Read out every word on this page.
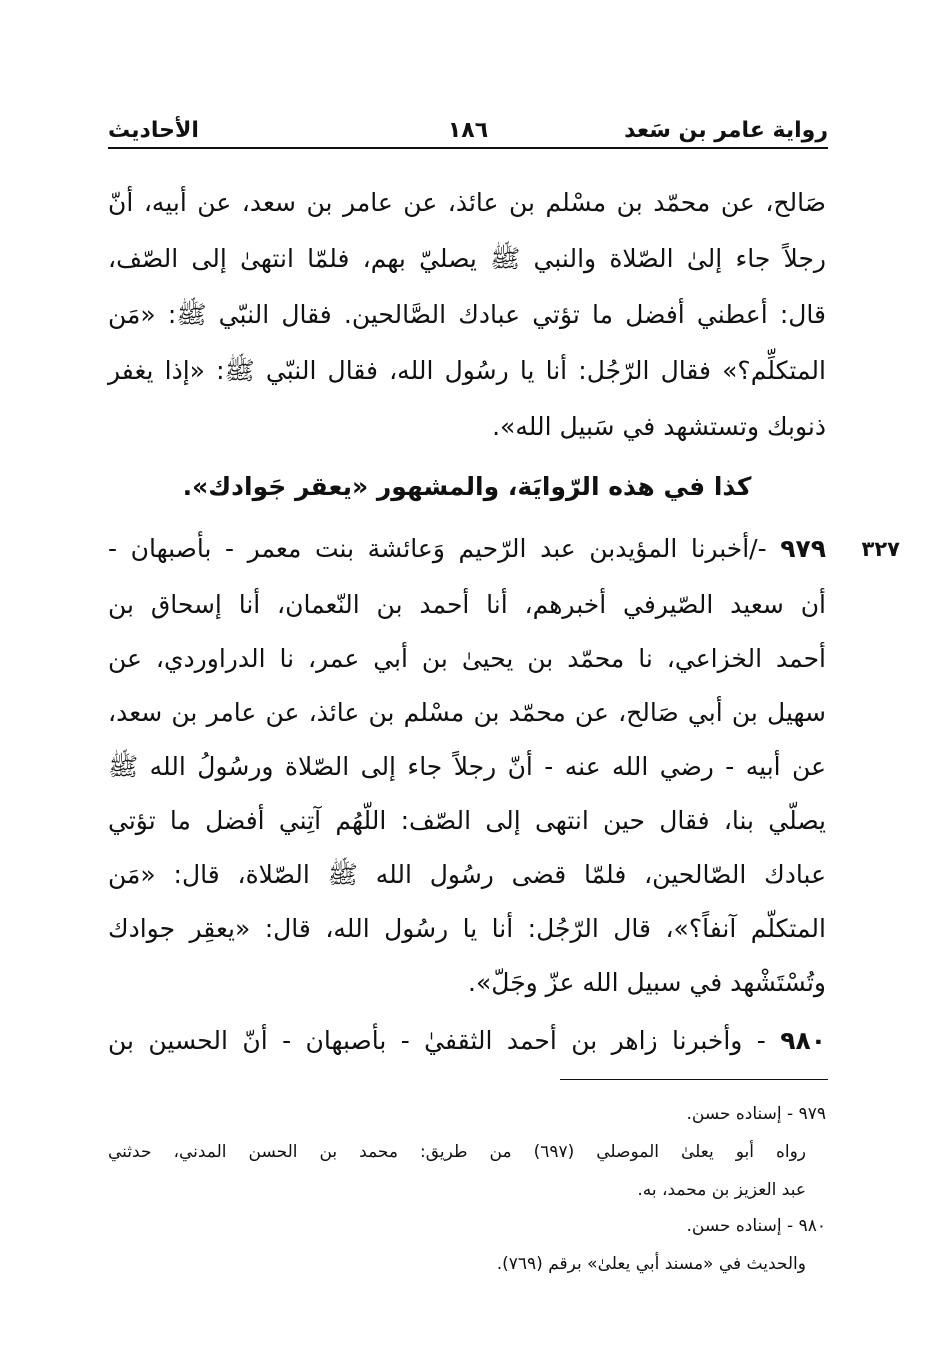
رواية عامر بن سَعد
١٨٦
الأحاديث
صَالح، عن محمّد بن مسْلم بن عائذ، عن عامر بن سعد، عن أبيه، أنّ
رجلاً جاء إلىٰ الصّلاة والنبي ﷺ يصليّ بهم، فلمّا انتهىٰ إلى الصّف،
قال: أعطني أفضل ما تؤتي عبادك الصَّالحين. فقال النبّي ﷺ: «مَن
المتكلِّم؟» فقال الرّجُل: أنا يا رسُول الله، فقال النبّي ﷺ: «إذا يغفر
ذنوبك وتستشهد في سَبيل الله».
كذا في هذه الرّوايَة، والمشهور «يعقر جَوادك».
٣٢٧
٩٧٩ -/أخبرنا المؤيدبن عبد الرّحيم وَعائشة بنت معمر - بأصبهان -
أن سعيد الصّيرفي أخبرهم، أنا أحمد بن النّعمان، أنا إسحاق بن
أحمد الخزاعي، نا محمّد بن يحيىٰ بن أبي عمر، نا الدراوردي، عن
سهيل بن أبي صَالح، عن محمّد بن مسْلم بن عائذ، عن عامر بن سعد،
عن أبيه - رضي الله عنه - أنّ رجلاً جاء إلى الصّلاة ورسُولُ الله ﷺ
يصلّي بنا، فقال حين انتهى إلى الصّف: اللّهُم آتِني أفضل ما تؤتي
عبادك الصّالحين، فلمّا قضى رسُول الله ﷺ الصّلاة، قال: «مَن
المتكلّم آنفاً؟»، قال الرّجُل: أنا يا رسُول الله، قال: «يعقِر جوادك
وتُسْتَشْهد في سبيل الله عزّ وجَلّ».
٩٨٠ - وأخبرنا زاهر بن أحمد الثقفيٰ - بأصبهان - أنّ الحسين بن
٩٧٩ - إسناده حسن.
رواه أبو يعلىٰ الموصلي (٦٩٧) من طريق: محمد بن الحسن المدني، حدثني
عبد العزيز بن محمد، به.
٩٨٠ - إسناده حسن.
والحديث في «مسند أبي يعلىٰ» برقم (٧٦٩).
